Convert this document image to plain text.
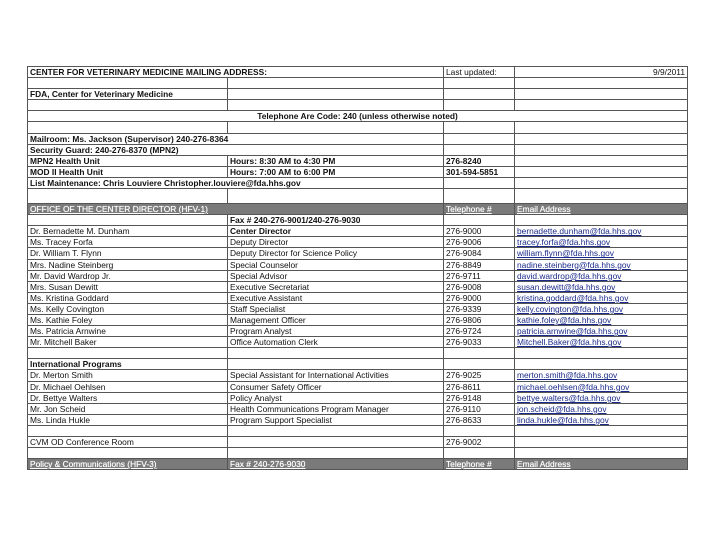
CENTER FOR VETERINARY MEDICINE MAILING ADDRESS:		Last updated:	9/9/2011

FDA, Center for Veterinary Medicine			

Telephone Are Code: 240 (unless otherwise noted)			

Mailroom: Ms. Jackson (Supervisor) 240-276-8364			
Security Guard: 240-276-8370 (MPN2)			
MPN2 Health Unit	Hours: 8:30 AM to 4:30 PM	276-8240	
MOD II Health Unit	Hours: 7:00 AM to 6:00 PM	301-594-5851	
List Maintenance: Chris Louviere Christopher.louviere@fda.hhs.gov			

OFFICE OF THE CENTER DIRECTOR (HFV-1)		Telephone #	Email Address
	Fax # 240-276-9001/240-276-9030		
Dr. Bernadette M. Dunham	Center Director	276-9000	bernadette.dunham@fda.hhs.gov
Ms. Tracey Forfa	Deputy Director	276-9006	tracey.forfa@fda.hhs.gov
Dr. William T. Flynn	Deputy Director for Science Policy	276-9084	william.flynn@fda.hhs.gov
Mrs. Nadine Steinberg	Special Counselor	276-8849	nadine.steinberg@fda.hhs.gov
Mr. David Wardrop Jr.	Special Advisor	276-9711	david.wardrop@fda.hhs.gov
Mrs. Susan Dewitt	Executive Secretariat	276-9008	susan.dewitt@fda.hhs.gov
Ms. Kristina Goddard	Executive Assistant	276-9000	kristina.goddard@fda.hhs.gov
Ms. Kelly Covington	Staff Specialist	276-9339	kelly.covington@fda.hhs.gov
Ms. Kathie Foley	Management Officer	276-9806	kathie.foley@fda.hhs.gov
Ms. Patricia Arnwine	Program Analyst	276-9724	patricia.arnwine@fda.hhs.gov
Mr. Mitchell Baker	Office Automation Clerk	276-9033	Mitchell.Baker@fda.hhs.gov

International Programs			
Dr. Merton Smith	Special Assistant for International Activities	276-9025	merton.smith@fda.hhs.gov
Dr. Michael Oehlsen	Consumer Safety Officer	276-8611	michael.oehlsen@fda.hhs.gov
Dr. Bettye Walters	Policy Analyst	276-9148	bettye.walters@fda.hhs.gov
Mr. Jon Scheid	Health Communications Program Manager	276-9110	jon.scheid@fda.hhs.gov
Ms. Linda Hukle	Program Support Specialist	276-8633	linda.hukle@fda.hhs.gov

CVM OD Conference Room		276-9002	

Policy & Communications (HFV-3)	Fax # 240-276-9030	Telephone #	Email Address
